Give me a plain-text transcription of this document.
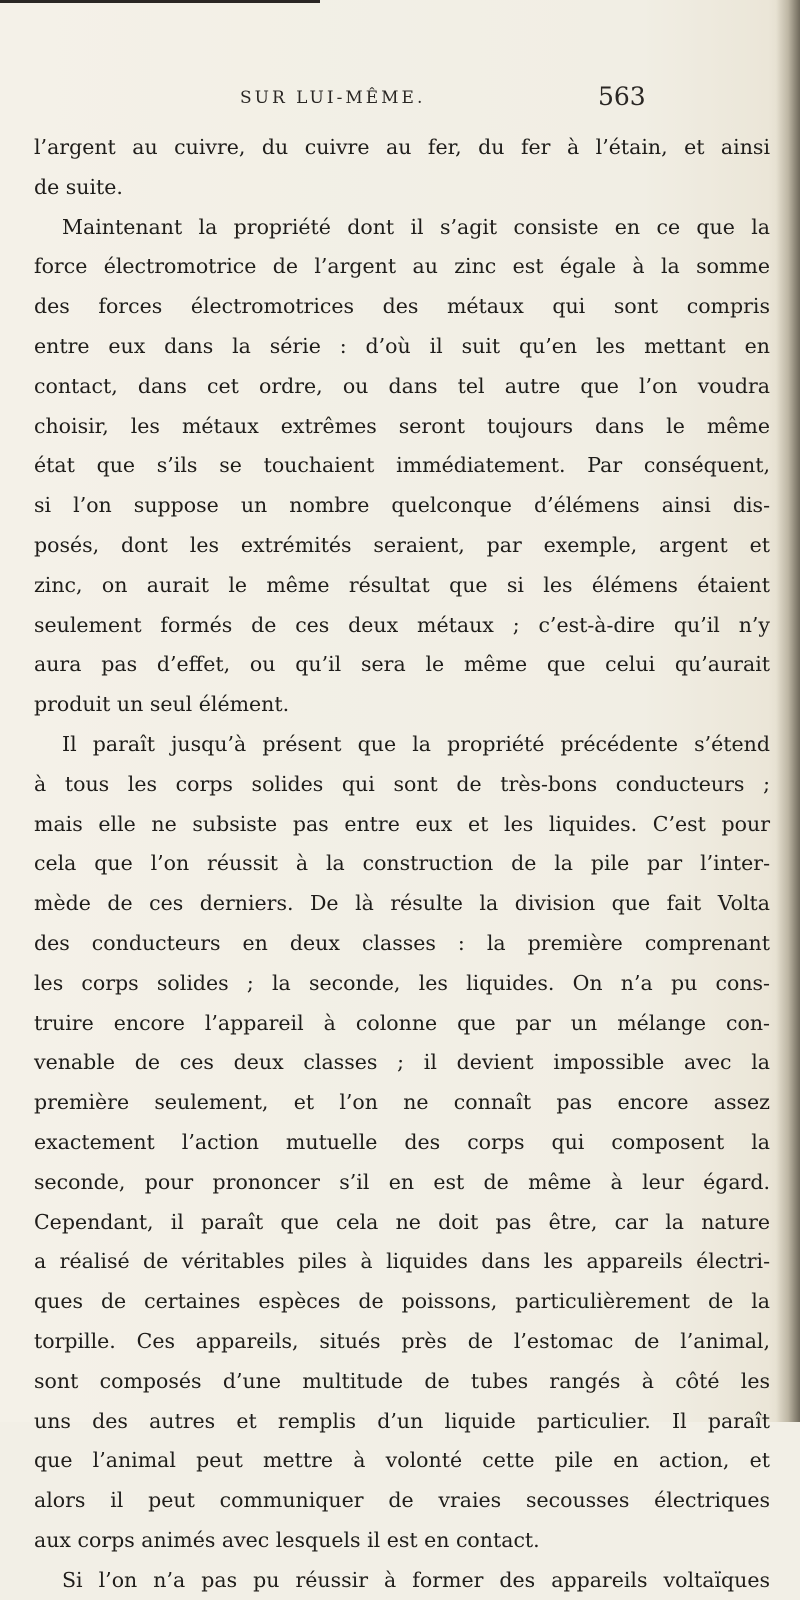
SUR LUI-MÊME.	563
l’argent au cuivre, du cuivre au fer, du fer à l’étain, et ainsi
de suite.
Maintenant la propriété dont il s’agit consiste en ce que la
force électromotrice de l’argent au zinc est égale à la somme
des forces électromotrices des métaux qui sont compris
entre eux dans la série : d’où il suit qu’en les mettant en
contact, dans cet ordre, ou dans tel autre que l’on voudra
choisir, les métaux extrêmes seront toujours dans le même
état que s’ils se touchaient immédiatement. Par conséquent,
si l’on suppose un nombre quelconque d’élémens ainsi dis-
posés, dont les extrémités seraient, par exemple, argent et
zinc, on aurait le même résultat que si les élémens étaient
seulement formés de ces deux métaux ; c’est-à-dire qu’il n’y
aura pas d’effet, ou qu’il sera le même que celui qu’aurait
produit un seul élément.
Il paraît jusqu’à présent que la propriété précédente s’étend
à tous les corps solides qui sont de très-bons conducteurs ;
mais elle ne subsiste pas entre eux et les liquides. C’est pour
cela que l’on réussit à la construction de la pile par l’inter-
mède de ces derniers. De là résulte la division que fait Volta
des conducteurs en deux classes : la première comprenant
les corps solides ; la seconde, les liquides. On n’a pu cons-
truire encore l’appareil à colonne que par un mélange con-
venable de ces deux classes ; il devient impossible avec la
première seulement, et l’on ne connaît pas encore assez
exactement l’action mutuelle des corps qui composent la
seconde, pour prononcer s’il en est de même à leur égard.
Cependant, il paraît que cela ne doit pas être, car la nature
a réalisé de véritables piles à liquides dans les appareils électri-
ques de certaines espèces de poissons, particulièrement de la
torpille. Ces appareils, situés près de l’estomac de l’animal,
sont composés d’une multitude de tubes rangés à côté les
uns des autres et remplis d’un liquide particulier. Il paraît
que l’animal peut mettre à volonté cette pile en action, et
alors il peut communiquer de vraies secousses électriques
aux corps animés avec lesquels il est en contact.
Si l’on n’a pas pu réussir à former des appareils voltaïques
